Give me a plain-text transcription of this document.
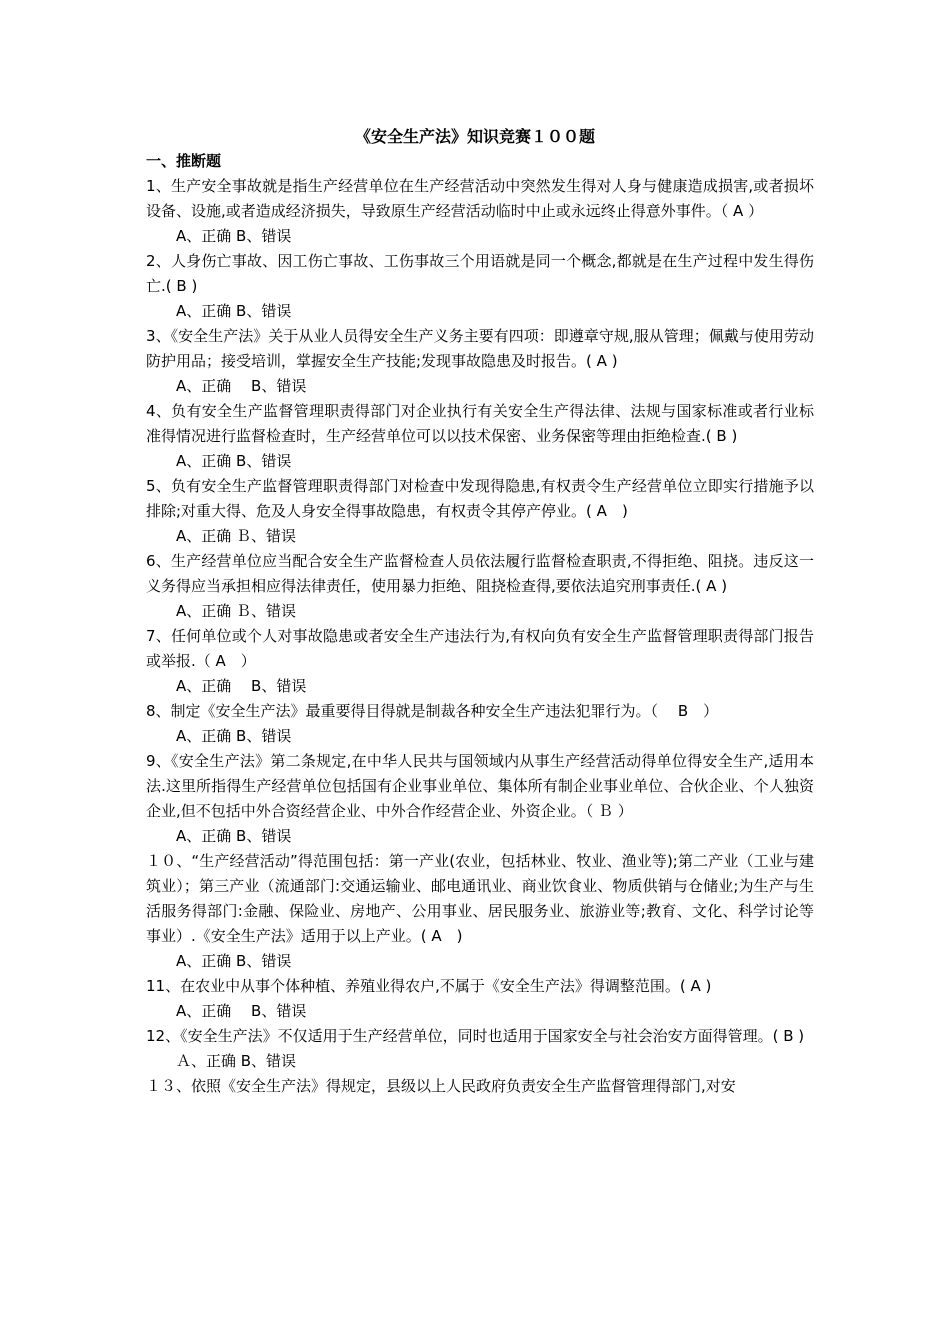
《安全生产法》知识竞赛１００题
一、推断题
1、生产安全事故就是指生产经营单位在生产经营活动中突然发生得对人身与健康造成损害,或者损坏设备、设施,或者造成经济损失，导致原生产经营活动临时中止或永远终止得意外事件。（ A ）
A、正确 B、错误
2、人身伤亡事故、因工伤亡事故、工伤事故三个用语就是同一个概念,都就是在生产过程中发生得伤亡.( B )
A、正确 B、错误
3、《安全生产法》关于从业人员得安全生产义务主要有四项：即遵章守规,服从管理；佩戴与使用劳动防护用品；接受培训，掌握安全生产技能;发现事故隐患及时报告。( A )
A、正确　 B、错误
4、负有安全生产监督管理职责得部门对企业执行有关安全生产得法律、法规与国家标准或者行业标准得情况进行监督检查时，生产经营单位可以以技术保密、业务保密等理由拒绝检查.( B )
A、正确 B、错误
5、负有安全生产监督管理职责得部门对检查中发现得隐患,有权责令生产经营单位立即实行措施予以排除;对重大得、危及人身安全得事故隐患，有权责令其停产停业。( A　)
A、正确 Ｂ、错误
6、生产经营单位应当配合安全生产监督检查人员依法履行监督检查职责,不得拒绝、阻挠。违反这一义务得应当承担相应得法律责任，使用暴力拒绝、阻挠检查得,要依法追究刑事责任.( A )
A、正确 Ｂ、错误
7、任何单位或个人对事故隐患或者安全生产违法行为,有权向负有安全生产监督管理职责得部门报告或举报.（ A　）
A、正确　 B、错误
8、制定《安全生产法》最重要得目得就是制裁各种安全生产违法犯罪行为。（　 B　）
A、正确 B、错误
9、《安全生产法》第二条规定,在中华人民共与国领域内从事生产经营活动得单位得安全生产,适用本法.这里所指得生产经营单位包括国有企业事业单位、集体所有制企业事业单位、合伙企业、个人独资企业,但不包括中外合资经营企业、中外合作经营企业、外资企业。（ Ｂ ）
A、正确 B、错误
１０、“生产经营活动”得范围包括：第一产业(农业，包括林业、牧业、渔业等);第二产业（工业与建筑业）；第三产业（流通部门:交通运输业、邮电通讯业、商业饮食业、物质供销与仓储业;为生产与生活服务得部门:金融、保险业、房地产、公用事业、居民服务业、旅游业等;教育、文化、科学讨论等事业）.《安全生产法》适用于以上产业。( A　)
A、正确 B、错误
11、在农业中从事个体种植、养殖业得农户,不属于《安全生产法》得调整范围。( A )
A、正确　 B、错误
12、《安全生产法》不仅适用于生产经营单位，同时也适用于国家安全与社会治安方面得管理。( B )
Ａ、正确 B、错误
１３、依照《安全生产法》得规定，县级以上人民政府负责安全生产监督管理得部门,对安
